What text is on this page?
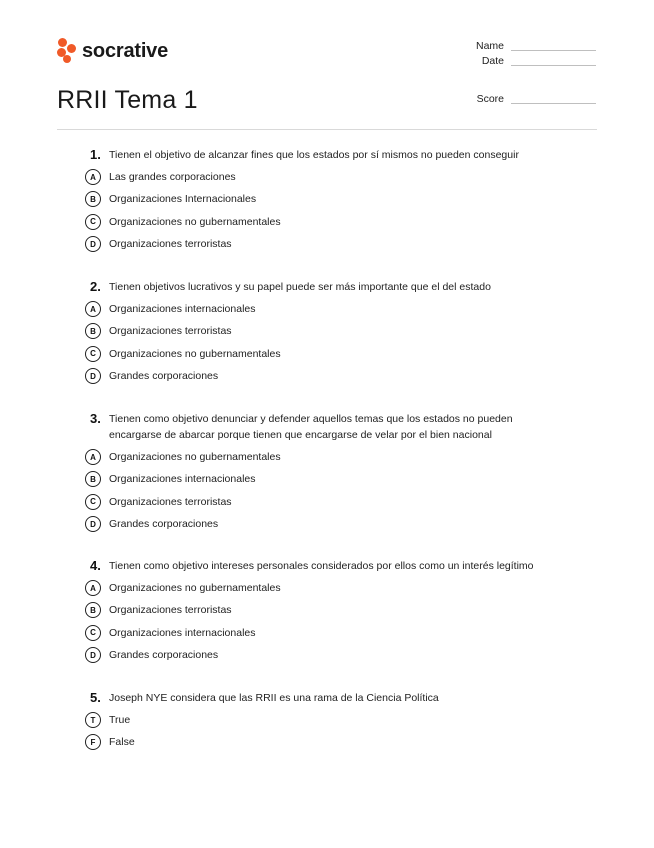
socrative	Name
Date
Score
RRII Tema 1
1. Tienen el objetivo de alcanzar fines que los estados por sí mismos no pueden conseguir
A	Las grandes corporaciones
B	Organizaciones Internacionales
C	Organizaciones no gubernamentales
D	Organizaciones terroristas
2. Tienen objetivos lucrativos y su papel puede ser más importante que el del estado
A	Organizaciones internacionales
B	Organizaciones terroristas
C	Organizaciones no gubernamentales
D	Grandes corporaciones
3. Tienen como objetivo denunciar y defender aquellos temas que los estados no pueden encargarse de abarcar porque tienen que encargarse de velar por el bien nacional
A	Organizaciones no gubernamentales
B	Organizaciones internacionales
C	Organizaciones terroristas
D	Grandes corporaciones
4. Tienen como objetivo intereses personales considerados por ellos como un interés legítimo
A	Organizaciones no gubernamentales
B	Organizaciones terroristas
C	Organizaciones internacionales
D	Grandes corporaciones
5. Joseph NYE considera que las RRII es una rama de la Ciencia Política
T	True
F	False
